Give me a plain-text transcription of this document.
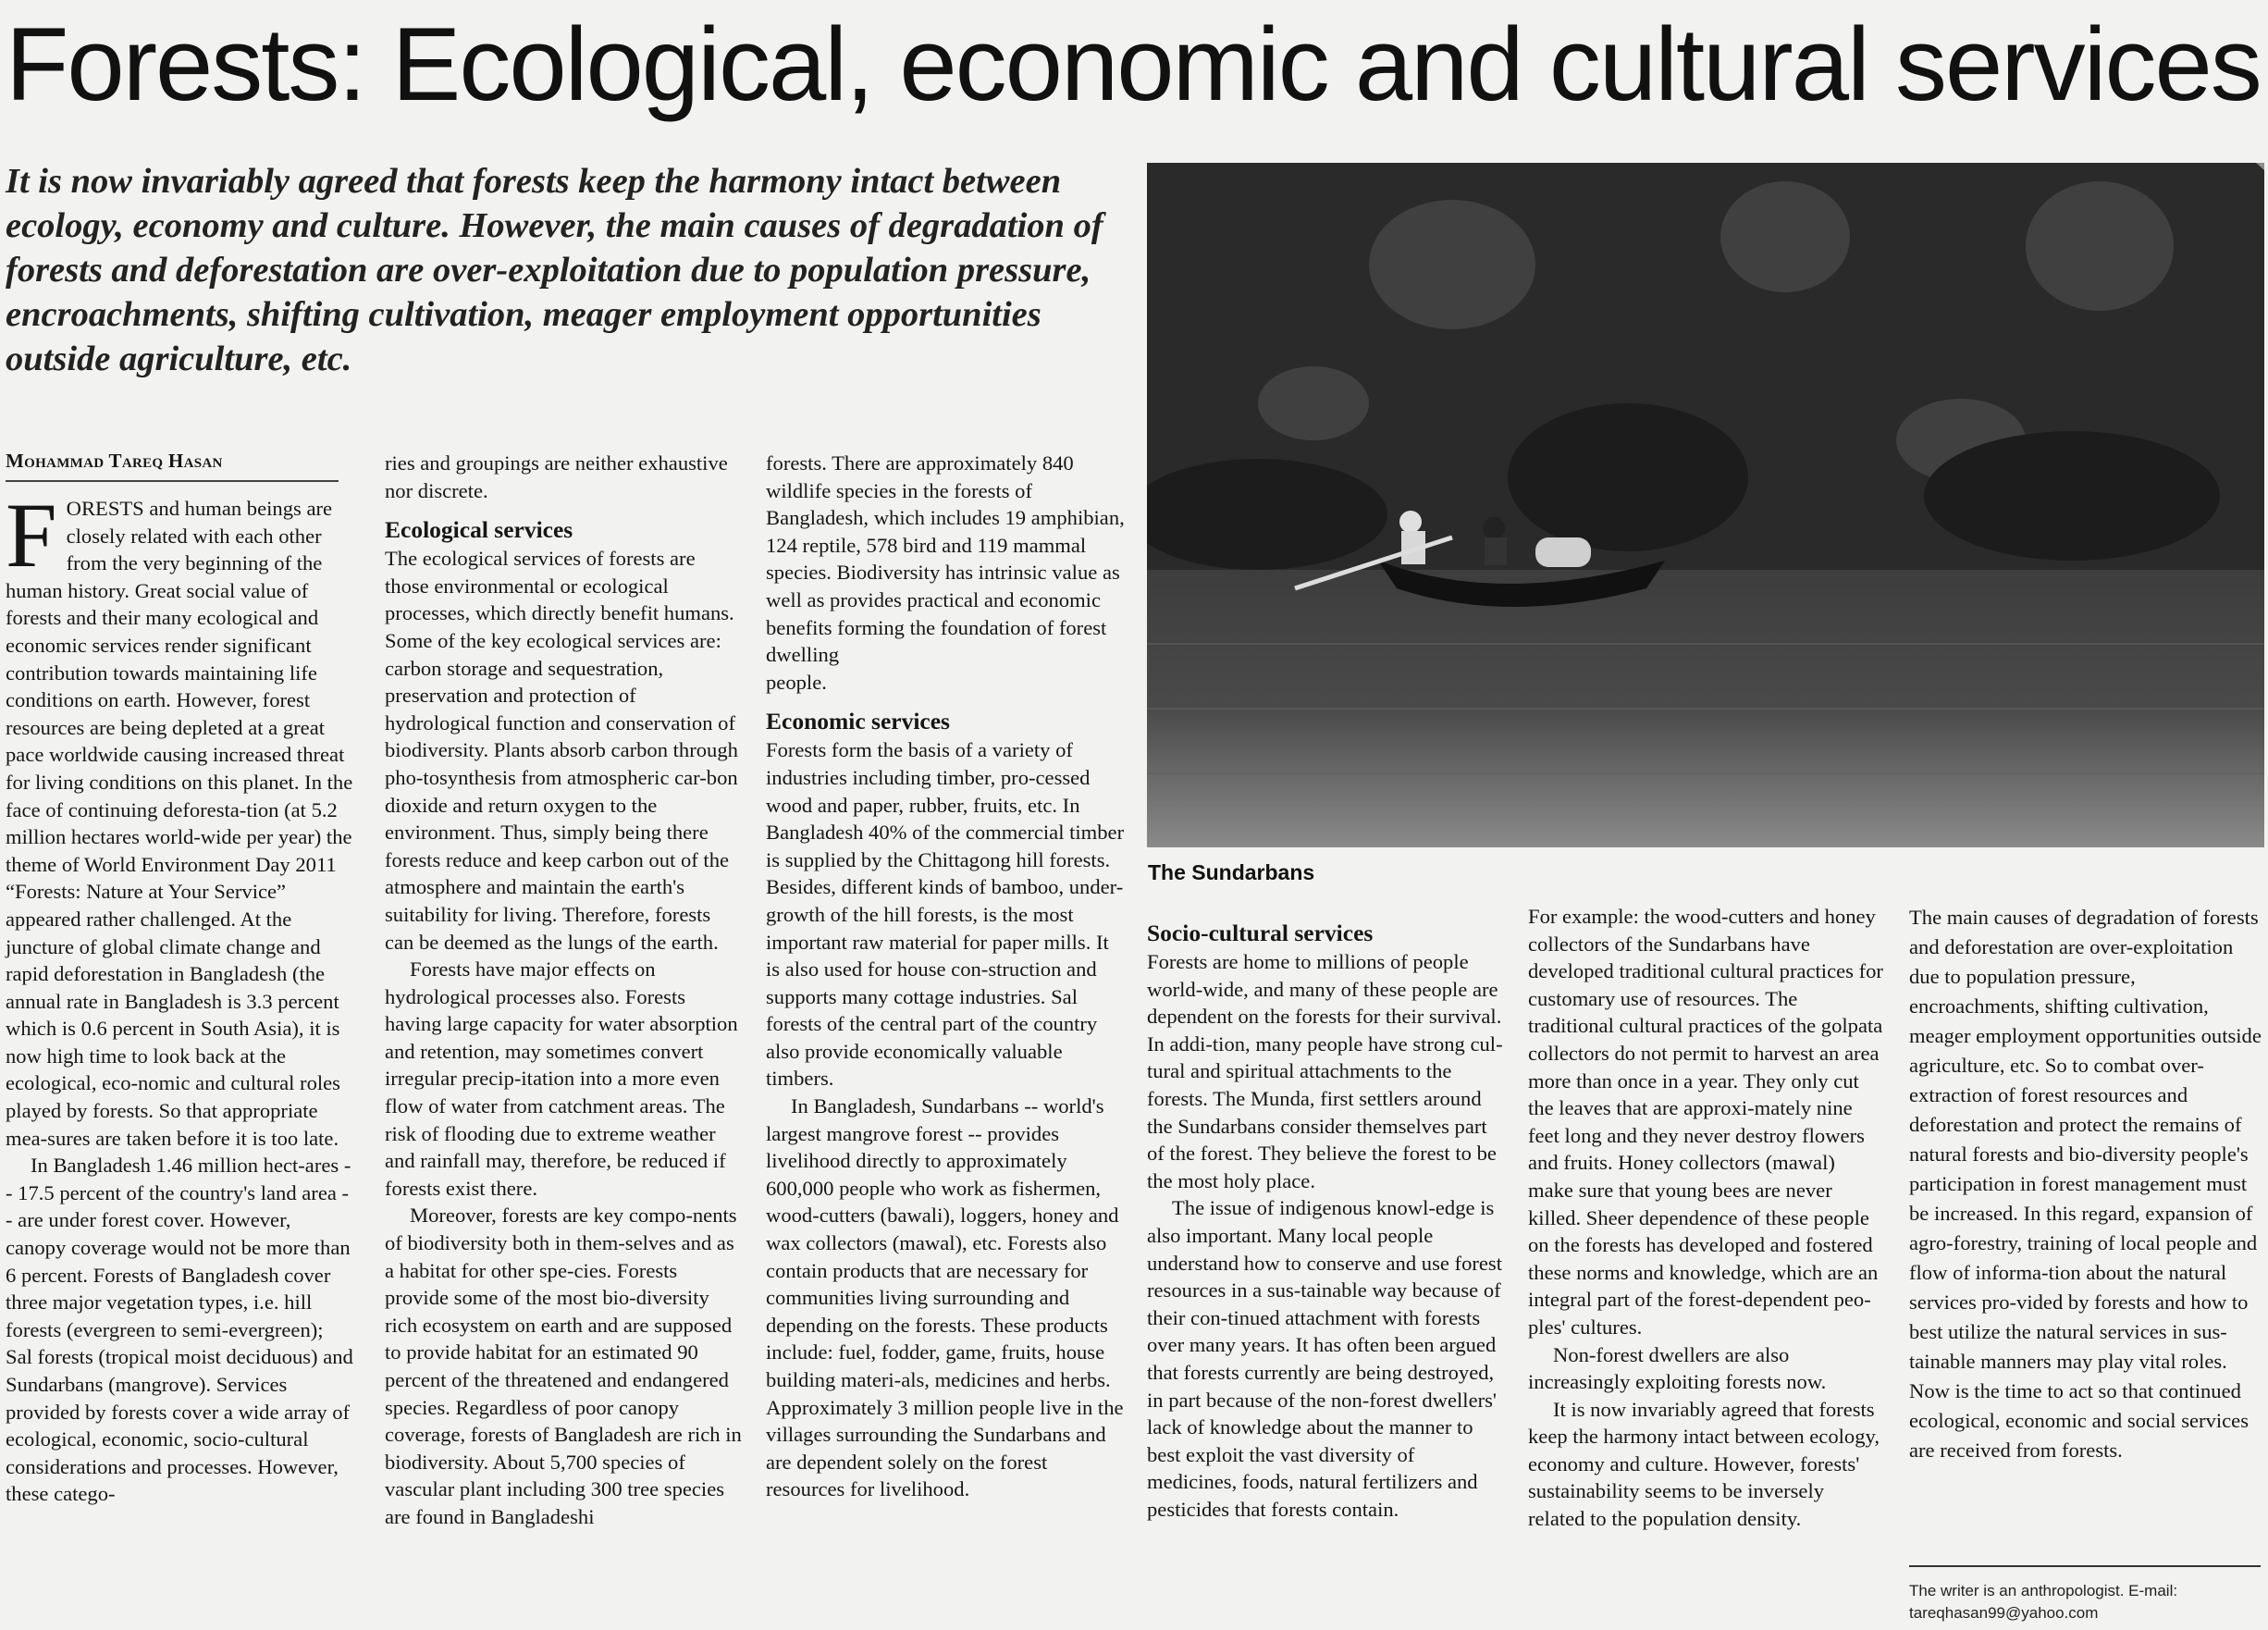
Forests: Ecological, economic and cultural services

It is now invariably agreed that forests keep the harmony intact between ecology, economy and culture. However, the main causes of degradation of forests and deforestation are over-exploitation due to population pressure, encroachments, shifting cultivation, meager employment opportunities outside agriculture, etc.

Mohammad Tareq Hasan

FORESTS and human beings are closely related with each other from the very beginning of the human history. Great social value of forests and their many ecological and economic services render significant contribution towards maintaining life conditions on earth. However, forest resources are being depleted at a great pace worldwide causing increased threat for living conditions on this planet. In the face of continuing deforesta-tion (at 5.2 million hectares world-wide per year) the theme of World Environment Day 2011 “Forests: Nature at Your Service” appeared rather challenged. At the juncture of global climate change and rapid deforestation in Bangladesh (the annual rate in Bangladesh is 3.3 percent which is 0.6 percent in South Asia), it is now high time to look back at the ecological, eco-nomic and cultural roles played by forests. So that appropriate mea-sures are taken before it is too late.

In Bangladesh 1.46 million hect-ares -- 17.5 percent of the country's land area -- are under forest cover. However, canopy coverage would not be more than 6 percent. Forests of Bangladesh cover three major vegetation types, i.e. hill forests (evergreen to semi-evergreen); Sal forests (tropical moist deciduous) and Sundarbans (mangrove). Services provided by forests cover a wide array of ecological, economic, socio-cultural considerations and processes. However, these catego-

ries and groupings are neither exhaustive nor discrete.

Ecological services

The ecological services of forests are those environmental or ecological processes, which directly benefit humans. Some of the key ecological services are: carbon storage and sequestration, preservation and protection of hydrological function and conservation of biodiversity. Plants absorb carbon through pho-tosynthesis from atmospheric car-bon dioxide and return oxygen to the environment. Thus, simply being there forests reduce and keep carbon out of the atmosphere and maintain the earth's suitability for living. Therefore, forests can be deemed as the lungs of the earth.

Forests have major effects on hydrological processes also. Forests having large capacity for water absorption and retention, may sometimes convert irregular precip-itation into a more even flow of water from catchment areas. The risk of flooding due to extreme weather and rainfall may, therefore, be reduced if forests exist there.

Moreover, forests are key compo-nents of biodiversity both in them-selves and as a habitat for other spe-cies. Forests provide some of the most bio-diversity rich ecosystem on earth and are supposed to provide habitat for an estimated 90 percent of the threatened and endangered species. Regardless of poor canopy coverage, forests of Bangladesh are rich in biodiversity. About 5,700 species of vascular plant including 300 tree species are found in Bangladeshi

forests. There are approximately 840 wildlife species in the forests of Bangladesh, which includes 19 amphibian, 124 reptile, 578 bird and 119 mammal species. Biodiversity has intrinsic value as well as provides practical and economic benefits forming the foundation of forest dwelling

people.

Economic services

Forests form the basis of a variety of industries including timber, pro-cessed wood and paper, rubber, fruits, etc. In Bangladesh 40% of the commercial timber is supplied by the Chittagong hill forests. Besides, different kinds of bamboo, under-growth of the hill forests, is the most important raw material for paper mills. It is also used for house con-struction and supports many cottage industries. Sal forests of the central part of the country also provide economically valuable timbers.

In Bangladesh, Sundarbans -- world's largest mangrove forest -- provides livelihood directly to approximately 600,000 people who work as fishermen, wood-cutters (bawali), loggers, honey and wax collectors (mawal), etc. Forests also contain products that are necessary for communities living surrounding and depending on the forests. These products include: fuel, fodder, game, fruits, house building materi-als, medicines and herbs. Approximately 3 million people live in the villages surrounding the Sundarbans and are dependent solely on the forest resources for livelihood.

The Sundarbans
Socio-cultural services

Forests are home to millions of people world-wide, and many of these people are dependent on the forests for their survival. In addi-tion, many people have strong cul-tural and spiritual attachments to the forests. The Munda, first settlers around the Sundarbans consider themselves part of the forest. They believe the forest to be the most holy place.

The issue of indigenous knowl-edge is also important. Many local people understand how to conserve and use forest resources in a sus-tainable way because of their con-tinued attachment with forests over many years. It has often been argued that forests currently are being destroyed, in part because of the non-forest dwellers' lack of knowledge about the manner to best exploit the vast diversity of medicines, foods, natural fertilizers and pesticides that forests contain.

For example: the wood-cutters and honey collectors of the Sundarbans have developed traditional cultural practices for customary use of resources. The traditional cultural practices of the golpata collectors do not permit to harvest an area more than once in a year. They only cut the leaves that are approxi-mately nine feet long and they never destroy flowers and fruits. Honey collectors (mawal) make sure that young bees are never killed. Sheer dependence of these people on the forests has developed and fostered these norms and knowledge, which are an integral part of the forest-dependent peo-ples' cultures.

Non-forest dwellers are also increasingly exploiting forests now.

It is now invariably agreed that forests keep the harmony intact between ecology, economy and culture. However, forests' sustainability seems to be inversely related to the population density.

The main causes of degradation of forests and deforestation are over-exploitation due to population pressure, encroachments, shifting cultivation, meager employment opportunities outside agriculture, etc. So to combat over-extraction of forest resources and deforestation and protect the remains of natural forests and bio-diversity people's participation in forest management must be increased. In this regard, expansion of agro-forestry, training of local people and flow of informa-tion about the natural services pro-vided by forests and how to best utilize the natural services in sus-tainable manners may play vital roles. Now is the time to act so that continued ecological, economic and social services are received from forests.

The writer is an anthropologist. E-mail: tareqhasan99@yahoo.com
